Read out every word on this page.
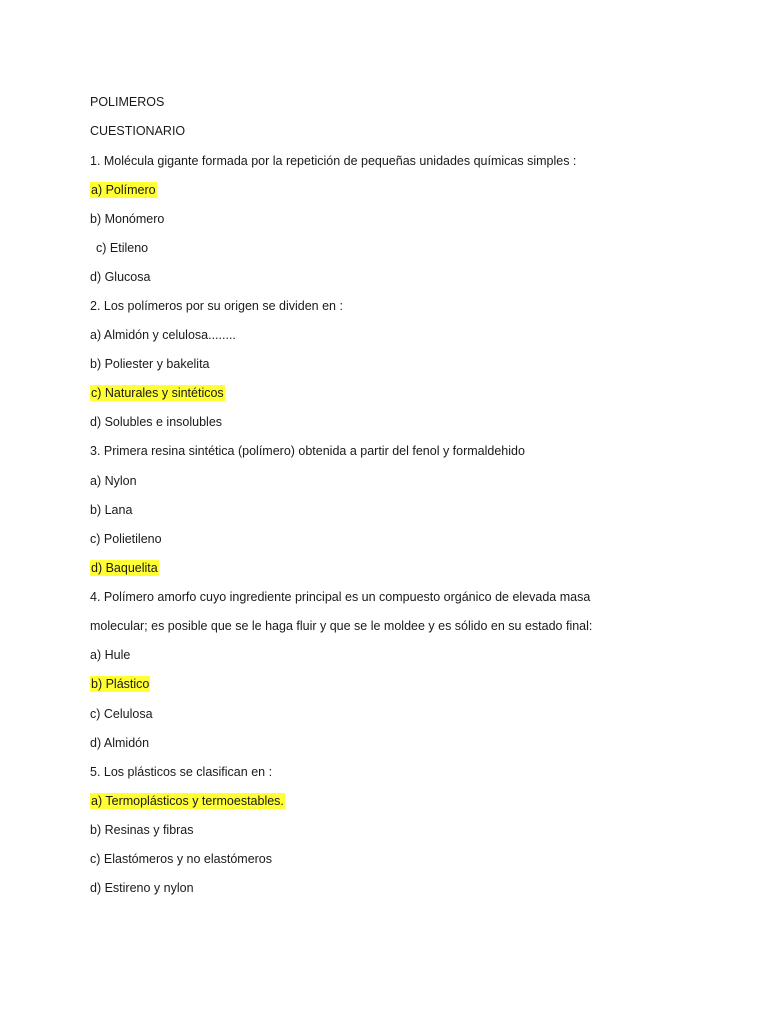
POLIMEROS
CUESTIONARIO
1. Molécula gigante formada por la repetición de pequeñas unidades químicas simples :
a) Polímero
b) Monómero
c) Etileno
d) Glucosa
2. Los polímeros por su origen se dividen en :
a) Almidón y celulosa........
b) Poliester y bakelita
c) Naturales y sintéticos
d) Solubles e insolubles
3. Primera resina sintética (polímero) obtenida a partir del fenol y formaldehido
a) Nylon
b) Lana
c) Polietileno
d) Baquelita
4. Polímero amorfo cuyo ingrediente principal es un compuesto orgánico de elevada masa
molecular; es posible que se le haga fluir y que se le moldee y es sólido en su estado final:
a) Hule
b) Plástico
c) Celulosa
d) Almidón
5. Los plásticos se clasifican en :
a) Termoplásticos y termoestables.
b) Resinas y fibras
c) Elastómeros y no elastómeros
d) Estireno y nylon
